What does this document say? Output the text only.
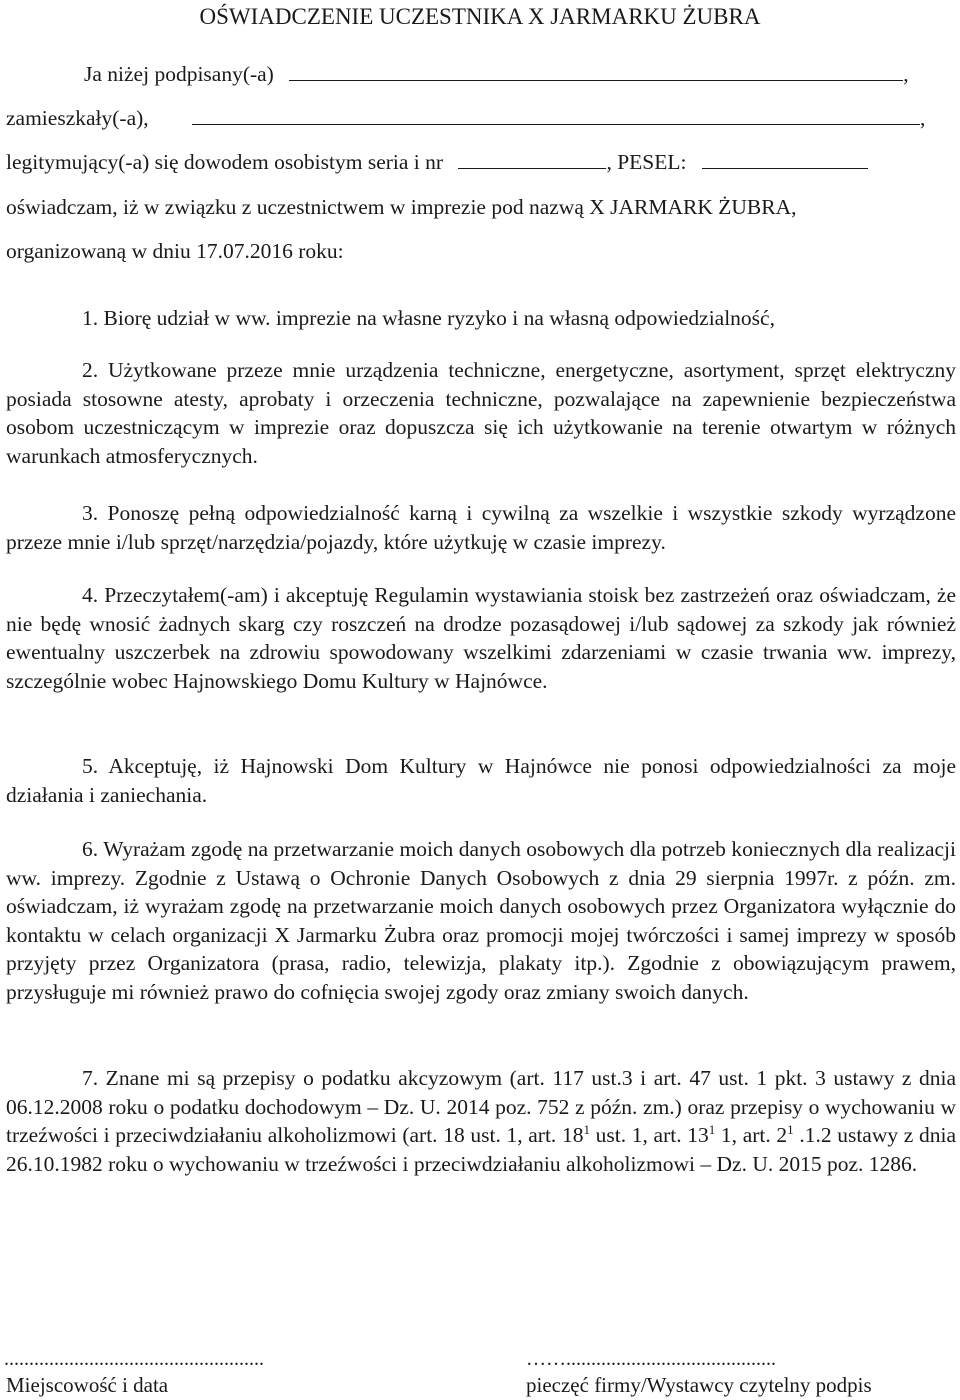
OŚWIADCZENIE UCZESTNIKA X JARMARKU ŻUBRA
Ja niżej podpisany(-a)	,
zamieszkały(-a),	,
legitymujący(-a) się dowodem osobistym seria i nr	, PESEL:
oświadczam, iż w związku z uczestnictwem w imprezie pod nazwą X JARMARK ŻUBRA,
organizowaną w dniu 17.07.2016 roku:

1. Biorę udział w ww. imprezie na własne ryzyko i na własną odpowiedzialność,

2. Użytkowane przeze mnie urządzenia techniczne, energetyczne, asortyment, sprzęt elektryczny posiada stosowne atesty, aprobaty i orzeczenia techniczne, pozwalające na zapewnienie bezpieczeństwa osobom uczestniczącym w imprezie oraz dopuszcza się ich użytkowanie na terenie otwartym w różnych warunkach atmosferycznych.

3. Ponoszę pełną odpowiedzialność karną i cywilną za wszelkie i wszystkie szkody wyrządzone przeze mnie i/lub sprzęt/narzędzia/pojazdy, które użytkuję w czasie imprezy.

4. Przeczytałem(-am) i akceptuję Regulamin wystawiania stoisk bez zastrzeżeń oraz oświadczam, że nie będę wnosić żadnych skarg czy roszczeń na drodze pozasądowej i/lub sądowej za szkody jak również ewentualny uszczerbek na zdrowiu spowodowany wszelkimi zdarzeniami w czasie trwania ww. imprezy, szczególnie wobec Hajnowskiego Domu Kultury w Hajnówce.

5. Akceptuję, iż Hajnowski Dom Kultury w Hajnówce nie ponosi odpowiedzialności za moje działania i zaniechania.

6. Wyrażam zgodę na przetwarzanie moich danych osobowych dla potrzeb koniecznych dla realizacji ww. imprezy. Zgodnie z Ustawą o Ochronie Danych Osobowych z dnia 29 sierpnia 1997r. z późn. zm. oświadczam, iż wyrażam zgodę na przetwarzanie moich danych osobowych przez Organizatora wyłącznie do kontaktu w celach organizacji X Jarmarku Żubra oraz promocji mojej twórczości i samej imprezy w sposób przyjęty przez Organizatora (prasa, radio, telewizja, plakaty itp.). Zgodnie z obowiązującym prawem, przysługuje mi również prawo do cofnięcia swojej zgody oraz zmiany swoich danych.

7. Znane mi są przepisy o podatku akcyzowym (art. 117 ust.3 i art. 47 ust. 1 pkt. 3 ustawy z dnia 06.12.2008 roku o podatku dochodowym – Dz. U. 2014 poz. 752 z późn. zm.) oraz przepisy o wychowaniu w trzeźwości i przeciwdziałaniu alkoholizmowi (art. 18 ust. 1, art. $18^1$ ust. 1, art. $13^1$ 1, art. $2^1$ .1.2 ustawy z dnia 26.10.1982 roku o wychowaniu w trzeźwości i przeciwdziałaniu alkoholizmowi – Dz. U. 2015 poz. 1286.

....................................................
Miejscowość i data
……..........................................
pieczęć firmy/Wystawcy czytelny podpis
